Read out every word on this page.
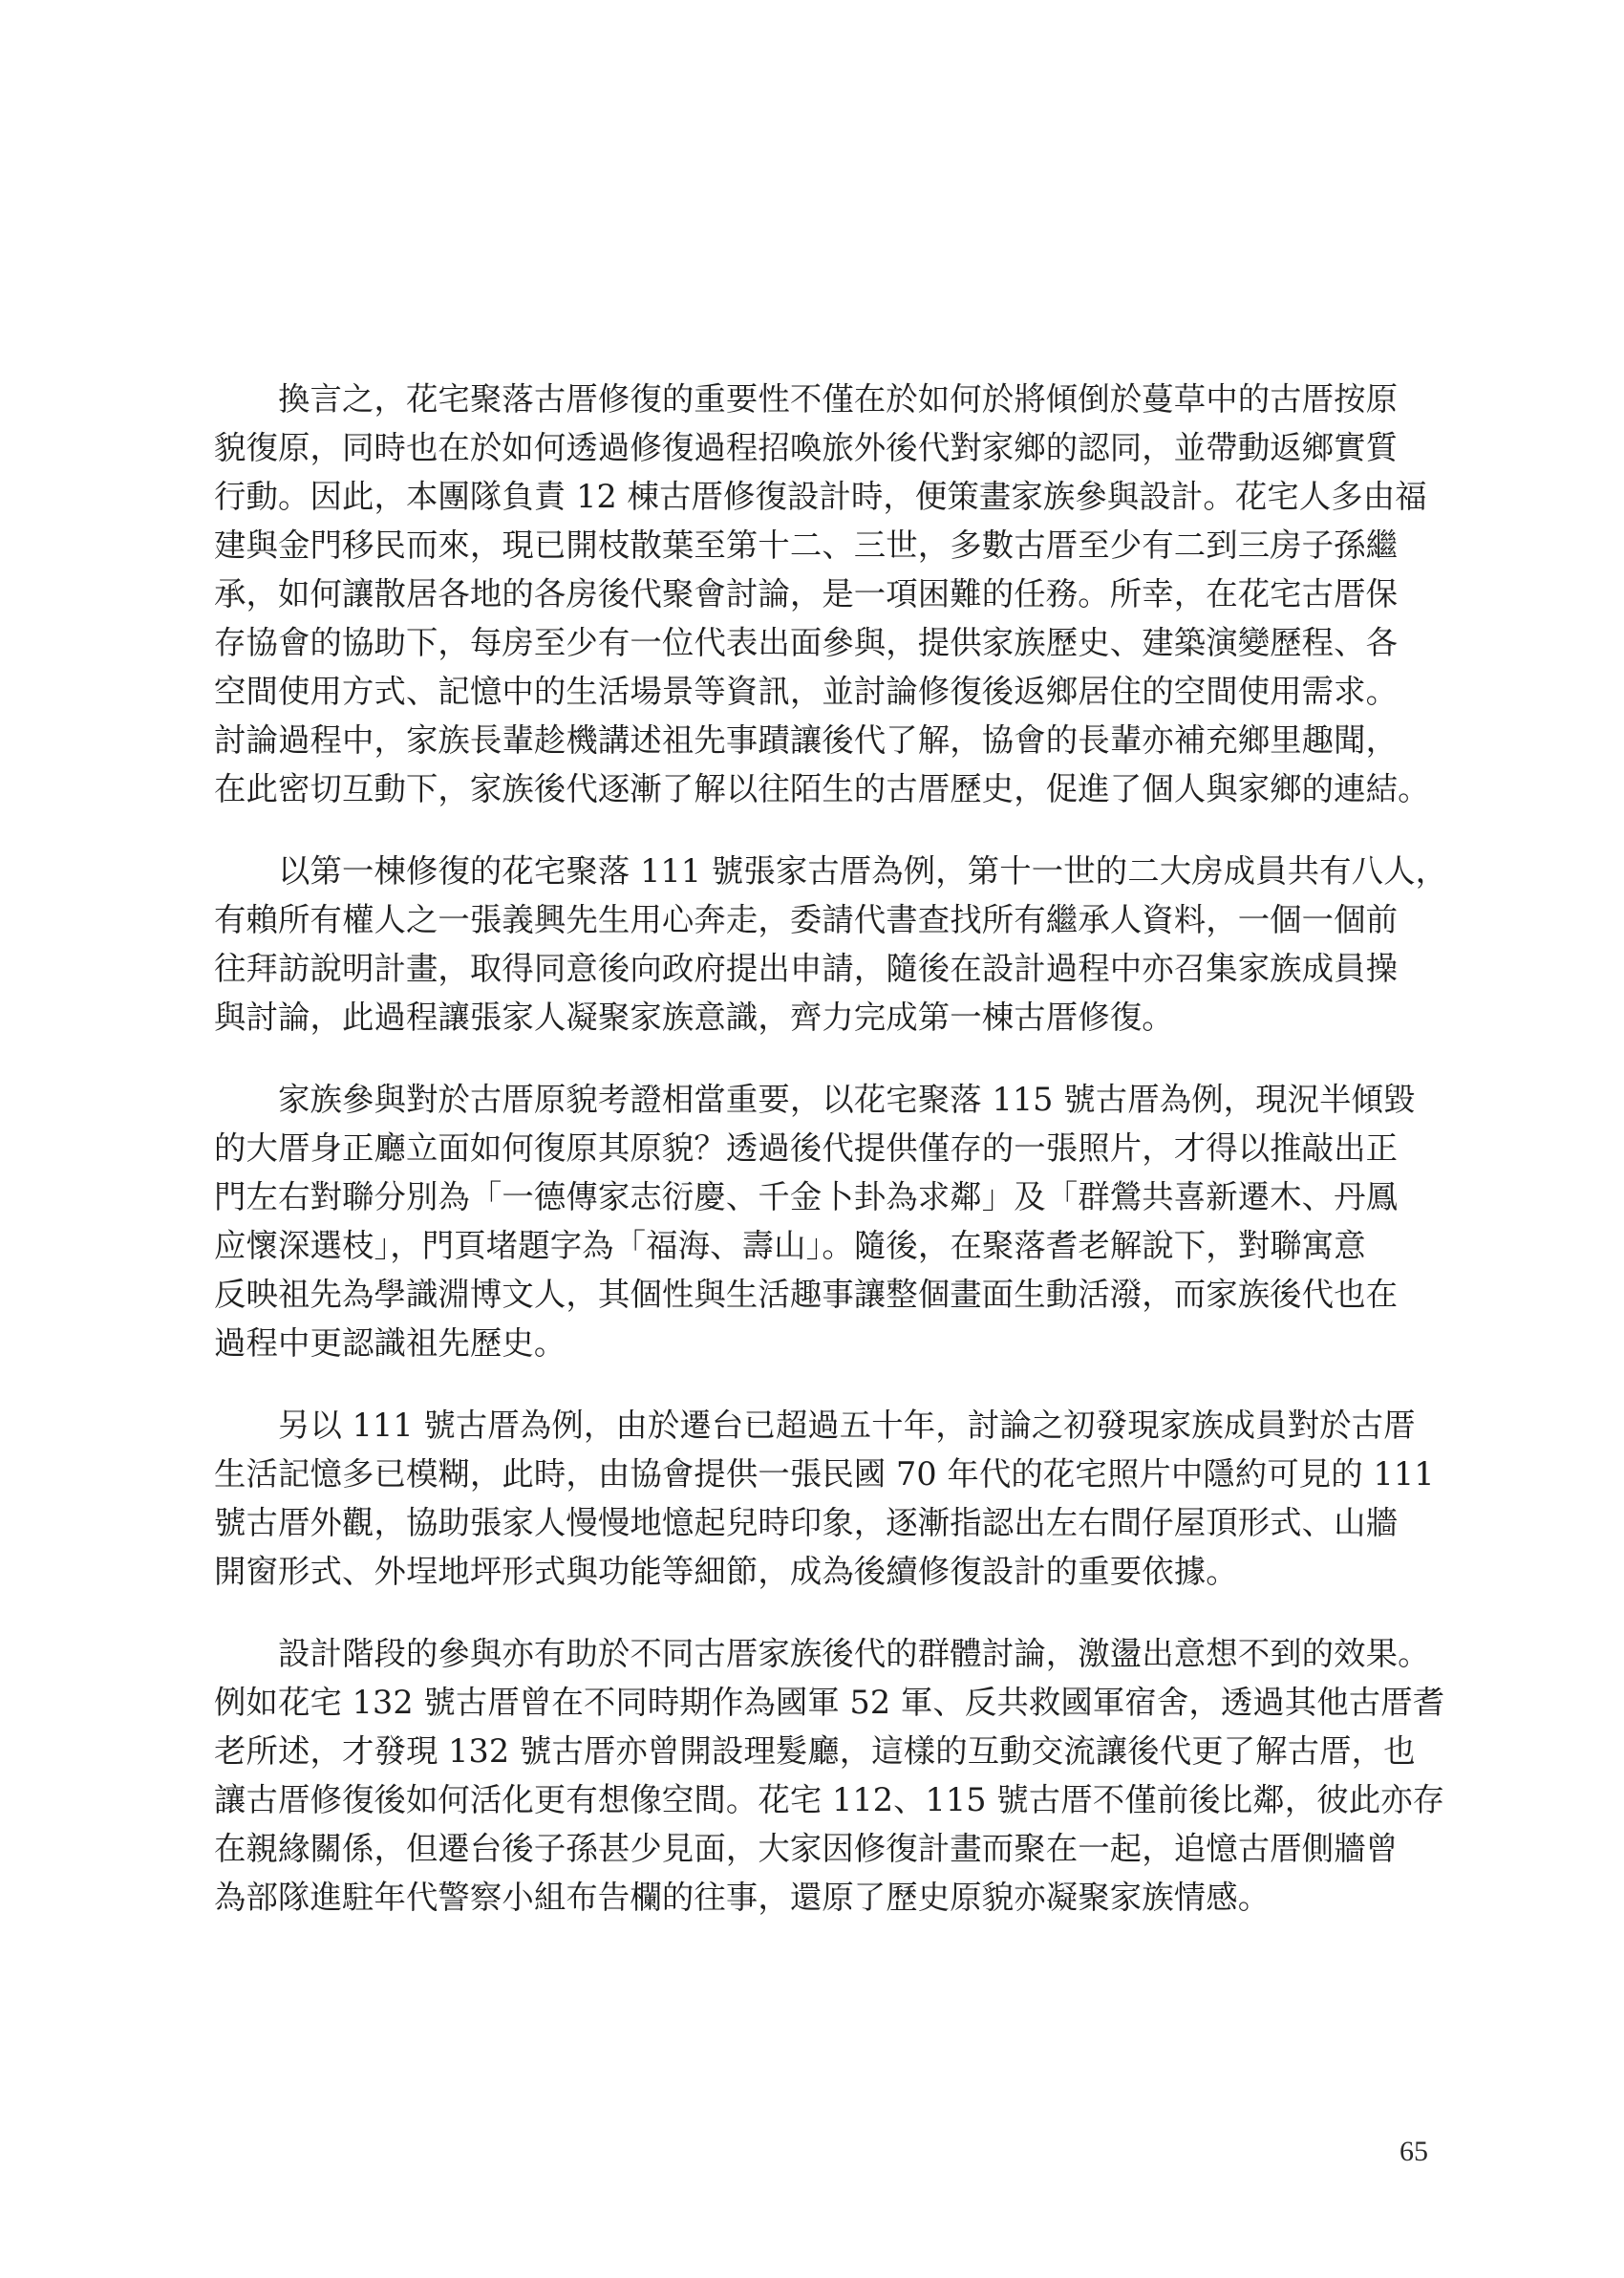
　　換言之，花宅聚落古厝修復的重要性不僅在於如何於將傾倒於蔓草中的古厝按原
貌復原，同時也在於如何透過修復過程招喚旅外後代對家鄉的認同，並帶動返鄉實質
行動。因此，本團隊負責 12 棟古厝修復設計時，便策畫家族參與設計。花宅人多由福
建與金門移民而來，現已開枝散葉至第十二、三世，多數古厝至少有二到三房子孫繼
承，如何讓散居各地的各房後代聚會討論，是一項困難的任務。所幸，在花宅古厝保
存協會的協助下，每房至少有一位代表出面參與，提供家族歷史、建築演變歷程、各
空間使用方式、記憶中的生活場景等資訊，並討論修復後返鄉居住的空間使用需求。
討論過程中，家族長輩趁機講述祖先事蹟讓後代了解，協會的長輩亦補充鄉里趣聞，
在此密切互動下，家族後代逐漸了解以往陌生的古厝歷史，促進了個人與家鄉的連結。
　　以第一棟修復的花宅聚落 111 號張家古厝為例，第十一世的二大房成員共有八人，
有賴所有權人之一張義興先生用心奔走，委請代書查找所有繼承人資料，一個一個前
往拜訪說明計畫，取得同意後向政府提出申請，隨後在設計過程中亦召集家族成員操
與討論，此過程讓張家人凝聚家族意識，齊力完成第一棟古厝修復。
　　家族參與對於古厝原貌考證相當重要，以花宅聚落 115 號古厝為例，現況半傾毀
的大厝身正廳立面如何復原其原貌？透過後代提供僅存的一張照片，才得以推敲出正
門左右對聯分別為「一德傳家志衍慶、千金卜卦為求鄰」及「群鶯共喜新遷木、丹鳳
应懷深選枝」，門頁堵題字為「福海、壽山」。隨後，在聚落耆老解說下，對聯寓意
反映祖先為學識淵博文人，其個性與生活趣事讓整個畫面生動活潑，而家族後代也在
過程中更認識祖先歷史。
　　另以 111 號古厝為例，由於遷台已超過五十年，討論之初發現家族成員對於古厝
生活記憶多已模糊，此時，由協會提供一張民國 70 年代的花宅照片中隱約可見的 111
號古厝外觀，協助張家人慢慢地憶起兒時印象，逐漸指認出左右間仔屋頂形式、山牆
開窗形式、外埕地坪形式與功能等細節，成為後續修復設計的重要依據。
　　設計階段的參與亦有助於不同古厝家族後代的群體討論，激盪出意想不到的效果。
例如花宅 132 號古厝曾在不同時期作為國軍 52 軍、反共救國軍宿舍，透過其他古厝耆
老所述，才發現 132 號古厝亦曾開設理髮廳，這樣的互動交流讓後代更了解古厝，也
讓古厝修復後如何活化更有想像空間。花宅 112、115 號古厝不僅前後比鄰，彼此亦存
在親緣關係，但遷台後子孫甚少見面，大家因修復計畫而聚在一起，追憶古厝側牆曾
為部隊進駐年代警察小組布告欄的往事，還原了歷史原貌亦凝聚家族情感。
65
